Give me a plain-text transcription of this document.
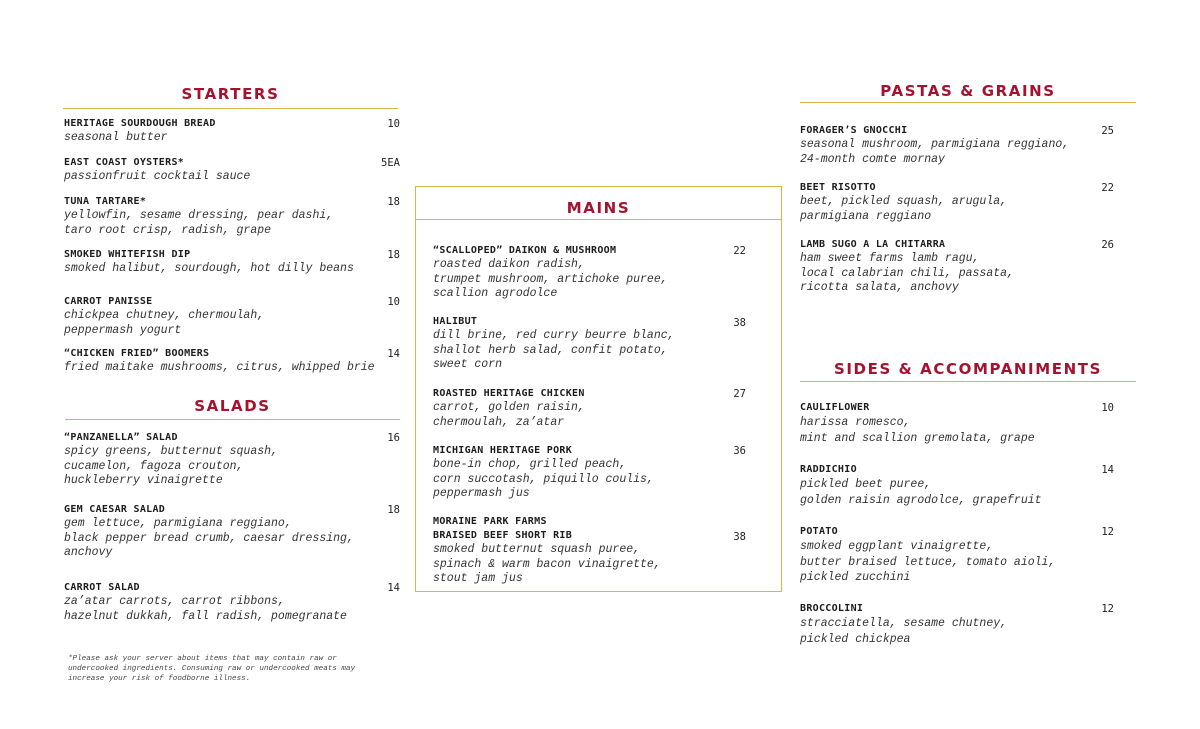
STARTERS
HERITAGE SOURDOUGH BREAD
seasonal butter
10
EAST COAST OYSTERS*
passionfruit cocktail sauce
5EA
TUNA TARTARE*
yellowfin, sesame dressing, pear dashi,
taro root crisp, radish, grape
18
SMOKED WHITEFISH DIP
smoked halibut, sourdough, hot dilly beans
18
CARROT PANISSE
chickpea chutney, chermoulah,
peppermash yogurt
10
“CHICKEN FRIED” BOOMERS
fried maitake mushrooms, citrus, whipped brie
14
SALADS
“PANZANELLA” SALAD
spicy greens, butternut squash,
cucamelon, fagoza crouton,
huckleberry vinaigrette
16
GEM CAESAR SALAD
gem lettuce, parmigiana reggiano,
black pepper bread crumb, caesar dressing,
anchovy
18
CARROT SALAD
za’atar carrots, carrot ribbons,
hazelnut dukkah, fall radish, pomegranate
14
*Please ask your server about items that may contain raw or
undercooked ingredients. Consuming raw or undercooked meats may
increase your risk of foodborne illness.
MAINS
“SCALLOPED” DAIKON & MUSHROOM
roasted daikon radish,
trumpet mushroom, artichoke puree,
scallion agrodolce
22
HALIBUT
dill brine, red curry beurre blanc,
shallot herb salad, confit potato,
sweet corn
38
ROASTED HERITAGE CHICKEN
carrot, golden raisin,
chermoulah, za’atar
27
MICHIGAN HERITAGE PORK
bone-in chop, grilled peach,
corn succotash, piquillo coulis,
peppermash jus
36
MORAINE PARK FARMS
BRAISED BEEF SHORT RIB
smoked butternut squash puree,
spinach & warm bacon vinaigrette,
stout jam jus
38
PASTAS & GRAINS
FORAGER’S GNOCCHI
seasonal mushroom, parmigiana reggiano,
24-month comte mornay
25
BEET RISOTTO
beet, pickled squash, arugula,
parmigiana reggiano
22
LAMB SUGO A LA CHITARRA
ham sweet farms lamb ragu,
local calabrian chili, passata,
ricotta salata, anchovy
26
SIDES & ACCOMPANIMENTS
CAULIFLOWER
harissa romesco,
mint and scallion gremolata, grape
10
RADDICHIO
pickled beet puree,
golden raisin agrodolce, grapefruit
14
POTATO
smoked eggplant vinaigrette,
butter braised lettuce, tomato aioli,
pickled zucchini
12
BROCCOLINI
stracciatella, sesame chutney,
pickled chickpea
12
